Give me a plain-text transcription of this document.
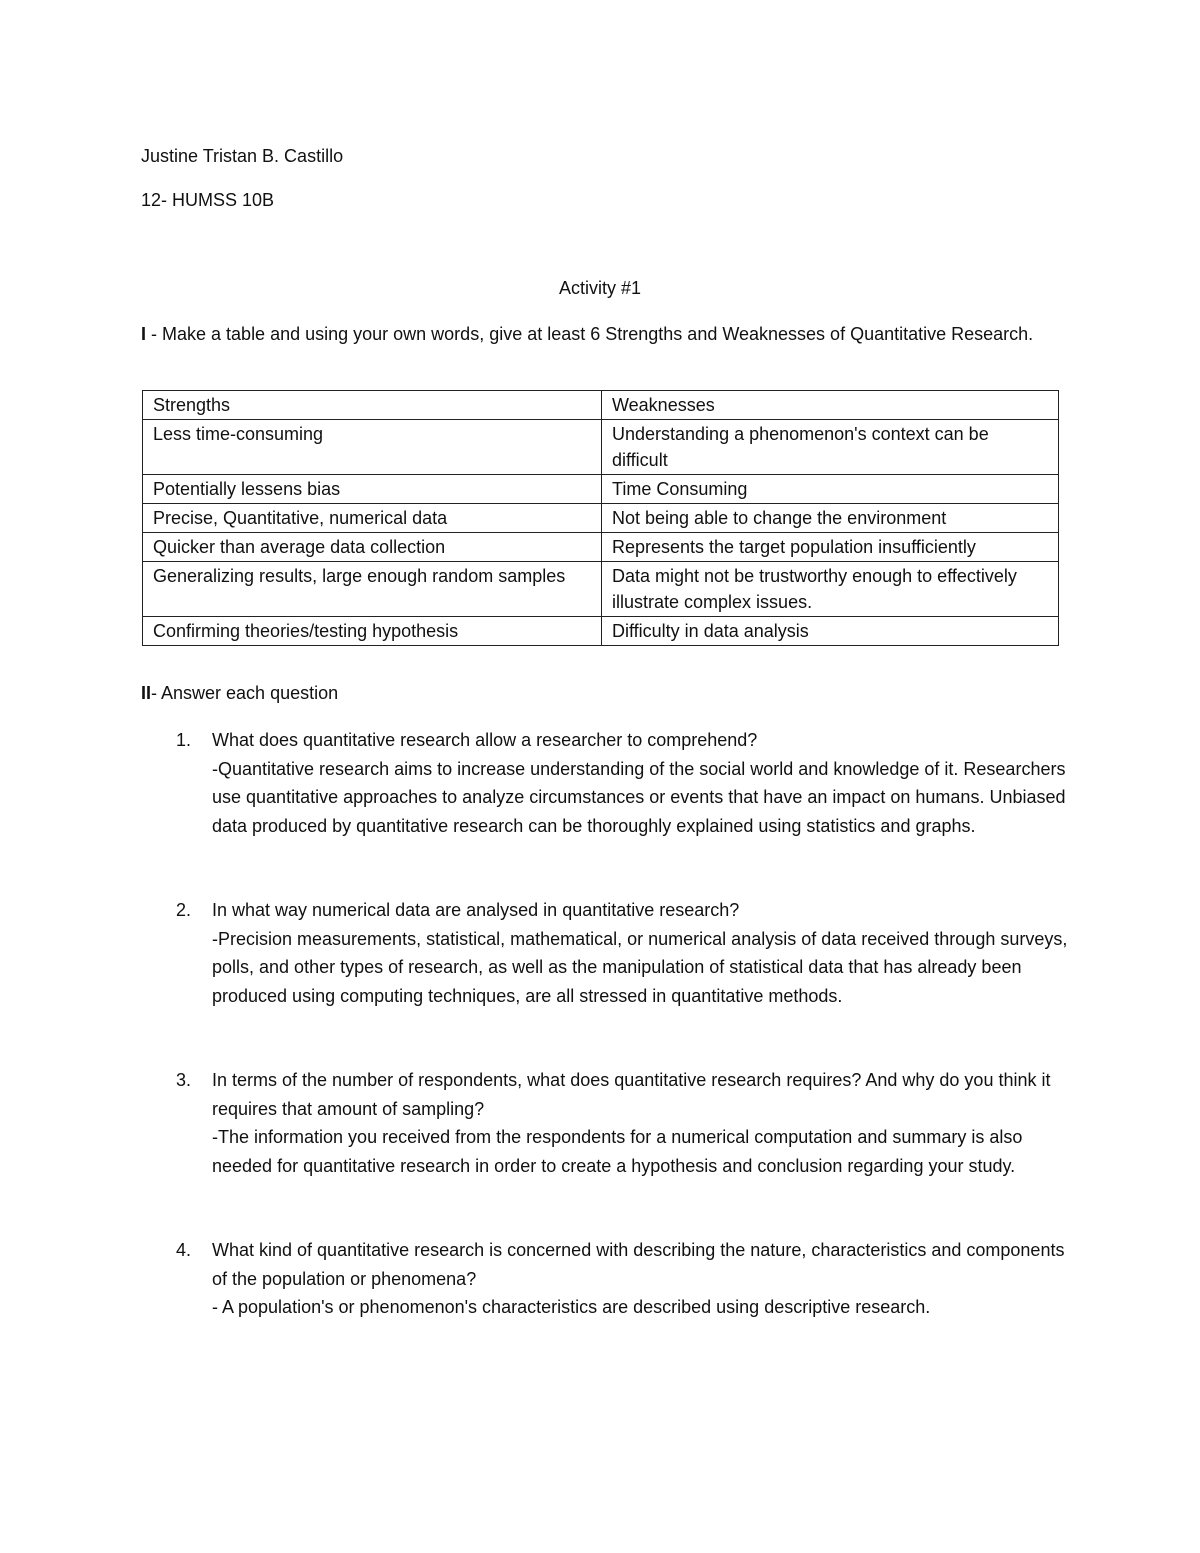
Justine Tristan B. Castillo
12- HUMSS 10B
Activity #1
I - Make a table and using your own words, give at least 6 Strengths and Weaknesses of Quantitative Research.
Strengths	Weaknesses
Less time-consuming	Understanding a phenomenon's context can be difficult
Potentially lessens bias	Time Consuming
Precise, Quantitative, numerical data	Not being able to change the environment
Quicker than average data collection	Represents the target population insufficiently
Generalizing results, large enough random samples	Data might not be trustworthy enough to effectively illustrate complex issues.
Confirming theories/testing hypothesis	Difficulty in data analysis
II- Answer each question
1. What does quantitative research allow a researcher to comprehend?
-Quantitative research aims to increase understanding of the social world and knowledge of it. Researchers use quantitative approaches to analyze circumstances or events that have an impact on humans. Unbiased data produced by quantitative research can be thoroughly explained using statistics and graphs.
2. In what way numerical data are analysed in quantitative research?
-Precision measurements, statistical, mathematical, or numerical analysis of data received through surveys, polls, and other types of research, as well as the manipulation of statistical data that has already been produced using computing techniques, are all stressed in quantitative methods.
3. In terms of the number of respondents, what does quantitative research requires? And why do you think it requires that amount of sampling?
-The information you received from the respondents for a numerical computation and summary is also needed for quantitative research in order to create a hypothesis and conclusion regarding your study.
4. What kind of quantitative research is concerned with describing the nature, characteristics and components of the population or phenomena?
- A population's or phenomenon's characteristics are described using descriptive research.
